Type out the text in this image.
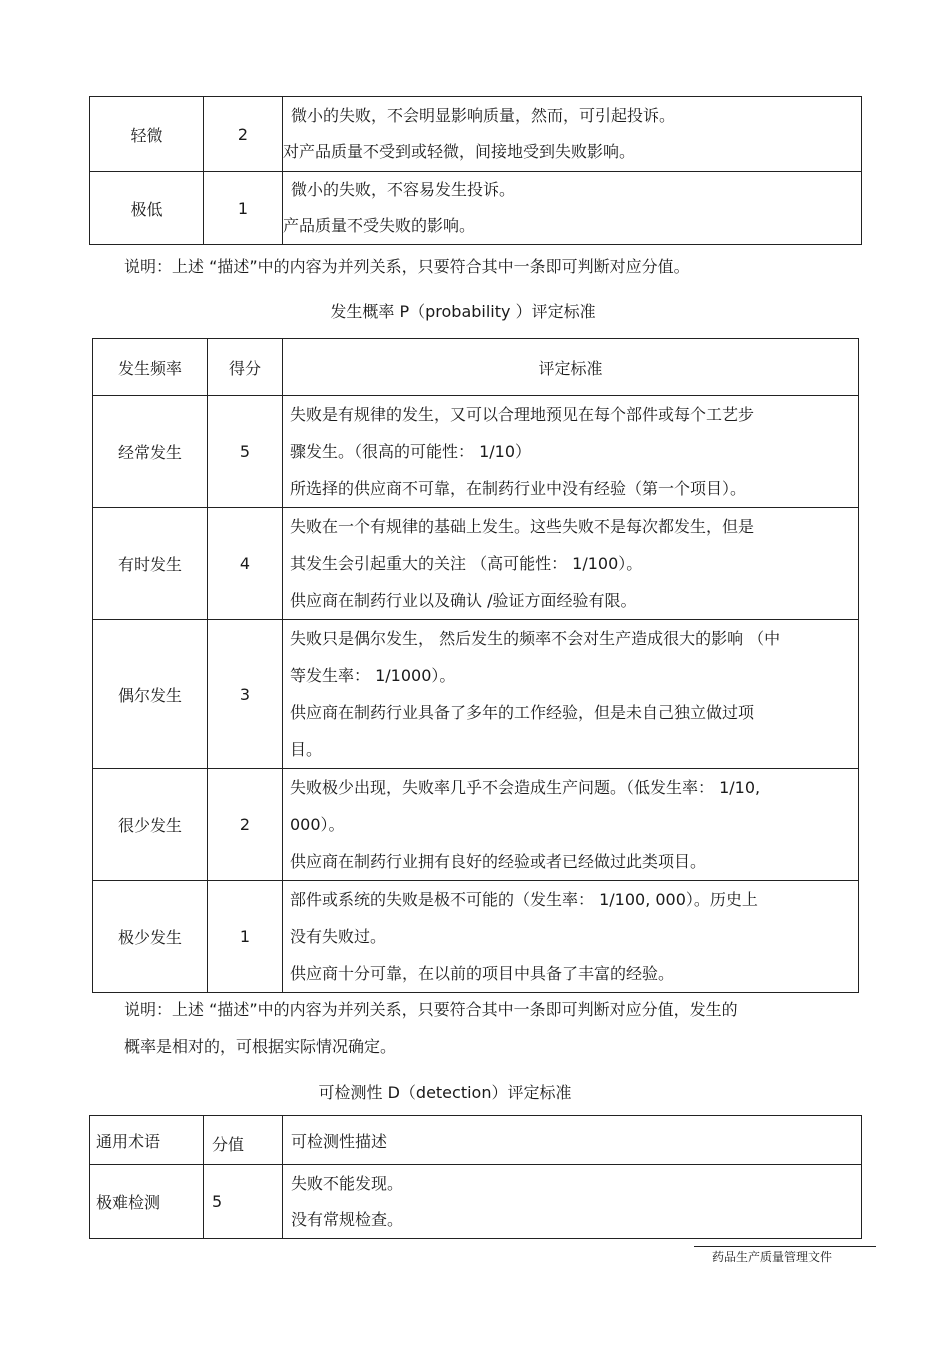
轻微	2	微小的失败，不会明显影响质量，然而，可引起投诉。
对产品质量不受到或轻微，间接地受到失败影响。

极低	1	微小的失败，不容易发生投诉。
产品质量不受失败的影响。
说明：上述 “描述”中的内容为并列关系，只要符合其中一条即可判断对应分值。
发生概率 P（probability ）评定标准
发生频率	得分	评定标准
经常发生	5	失败是有规律的发生，又可以合理地预见在每个部件或每个工艺步
骤发生。（很高的可能性： 1/10）
所选择的供应商不可靠，在制药行业中没有经验（第一个项目）。

有时发生	4	失败在一个有规律的基础上发生。这些失败不是每次都发生，但是
其发生会引起重大的关注 （高可能性： 1/100）。
供应商在制药行业以及确认 /验证方面经验有限。

偶尔发生	3	失败只是偶尔发生， 然后发生的频率不会对生产造成很大的影响 （中
等发生率： 1/1000）。
供应商在制药行业具备了多年的工作经验，但是未自己独立做过项
目。

很少发生	2	失败极少出现，失败率几乎不会造成生产问题。（低发生率： 1/10,
000）。
供应商在制药行业拥有良好的经验或者已经做过此类项目。

极少发生	1	部件或系统的失败是极不可能的（发生率： 1/100, 000）。历史上
没有失败过。
供应商十分可靠，在以前的项目中具备了丰富的经验。
说明：上述 “描述”中的内容为并列关系，只要符合其中一条即可判断对应分值，发生的
概率是相对的，可根据实际情况确定。
可检测性 D（detection）评定标准
通用术语	分值	可检测性描述
极难检测	5	失败不能发现。
没有常规检查。
药品生产质量管理文件
